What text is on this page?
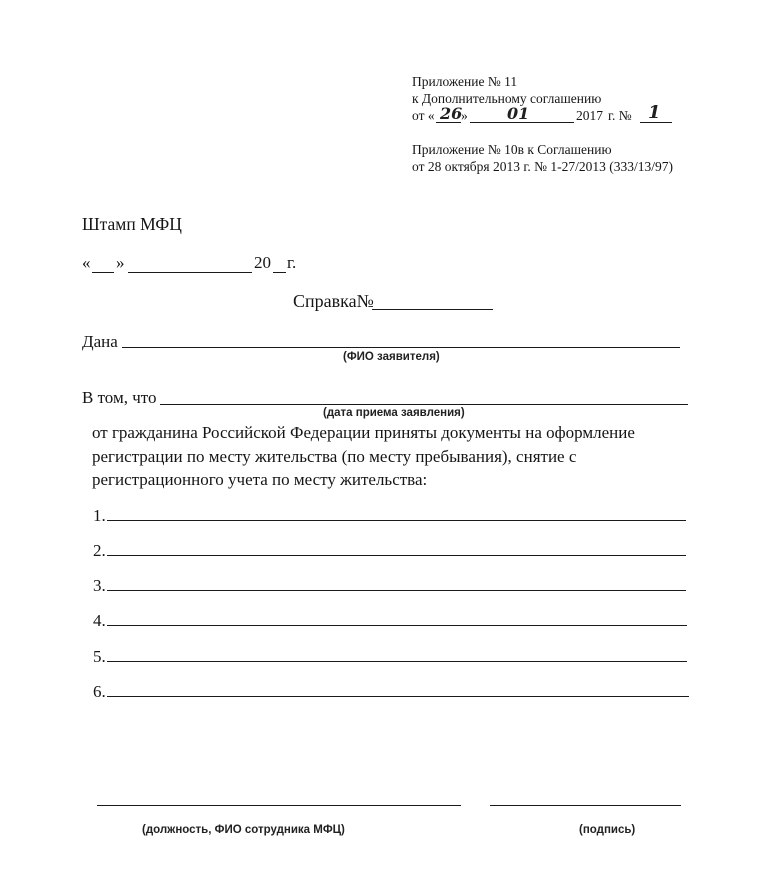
Приложение № 11
к Дополнительному соглашению
от « 26
» 01	2017 г. № 1
Приложение № 10в к Соглашению
от 28 октября 2013 г. № 1-27/2013 (333/13/97)
Штамп МФЦ
« »	20 г.
Справка№
Дана
(ФИО заявителя)
В том, что
(дата приема заявления)
от гражданина Российской Федерации приняты документы на оформление
регистрации по месту жительства (по месту пребывания), снятие с
регистрационного учета по месту жительства:
1.
2.
3.
4.
5.
6.
(должность, ФИО сотрудника МФЦ)	(подпись)
